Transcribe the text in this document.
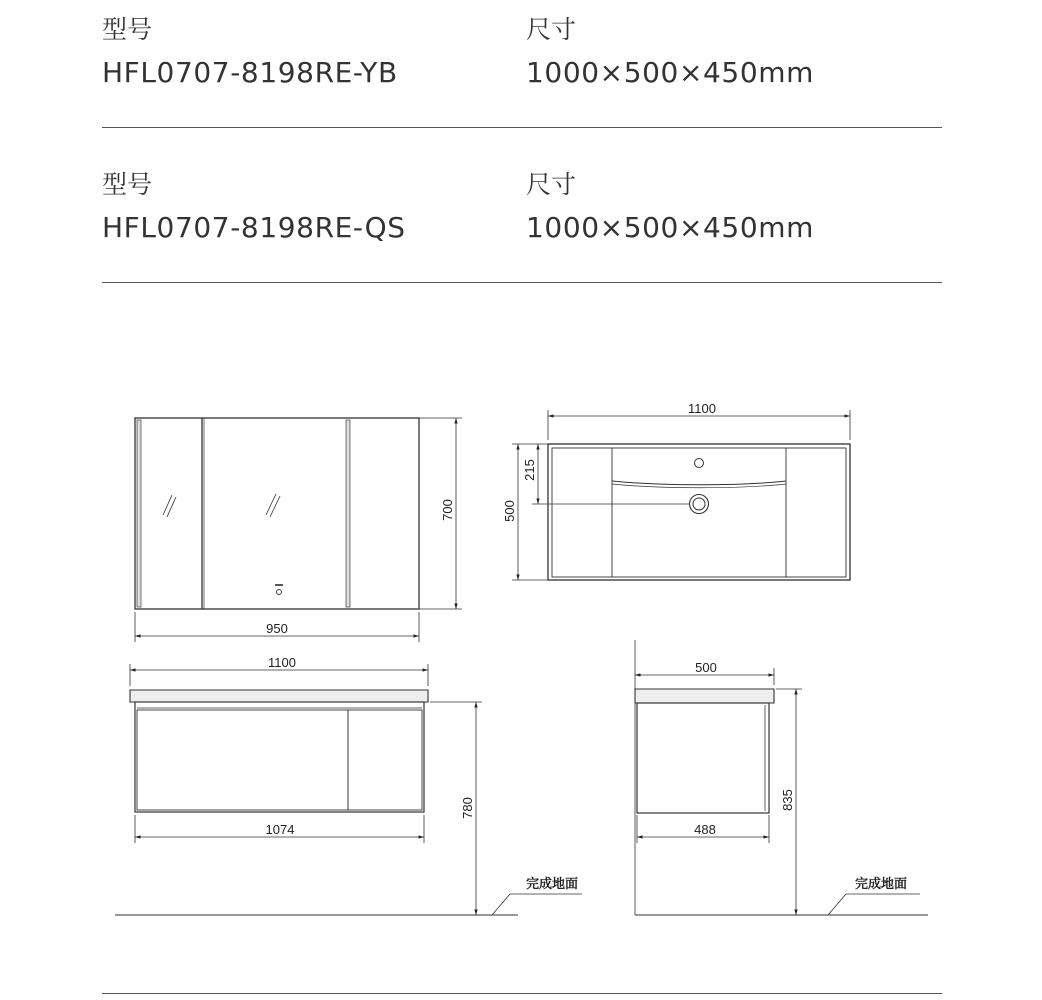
型号
HFL0707-8198RE-YB
尺寸
1000×500×450mm
型号
HFL0707-8198RE-QS
尺寸
1000×500×450mm
950
700
1100
500
215
1100
1074
780
完成地面
500
488
835
完成地面
